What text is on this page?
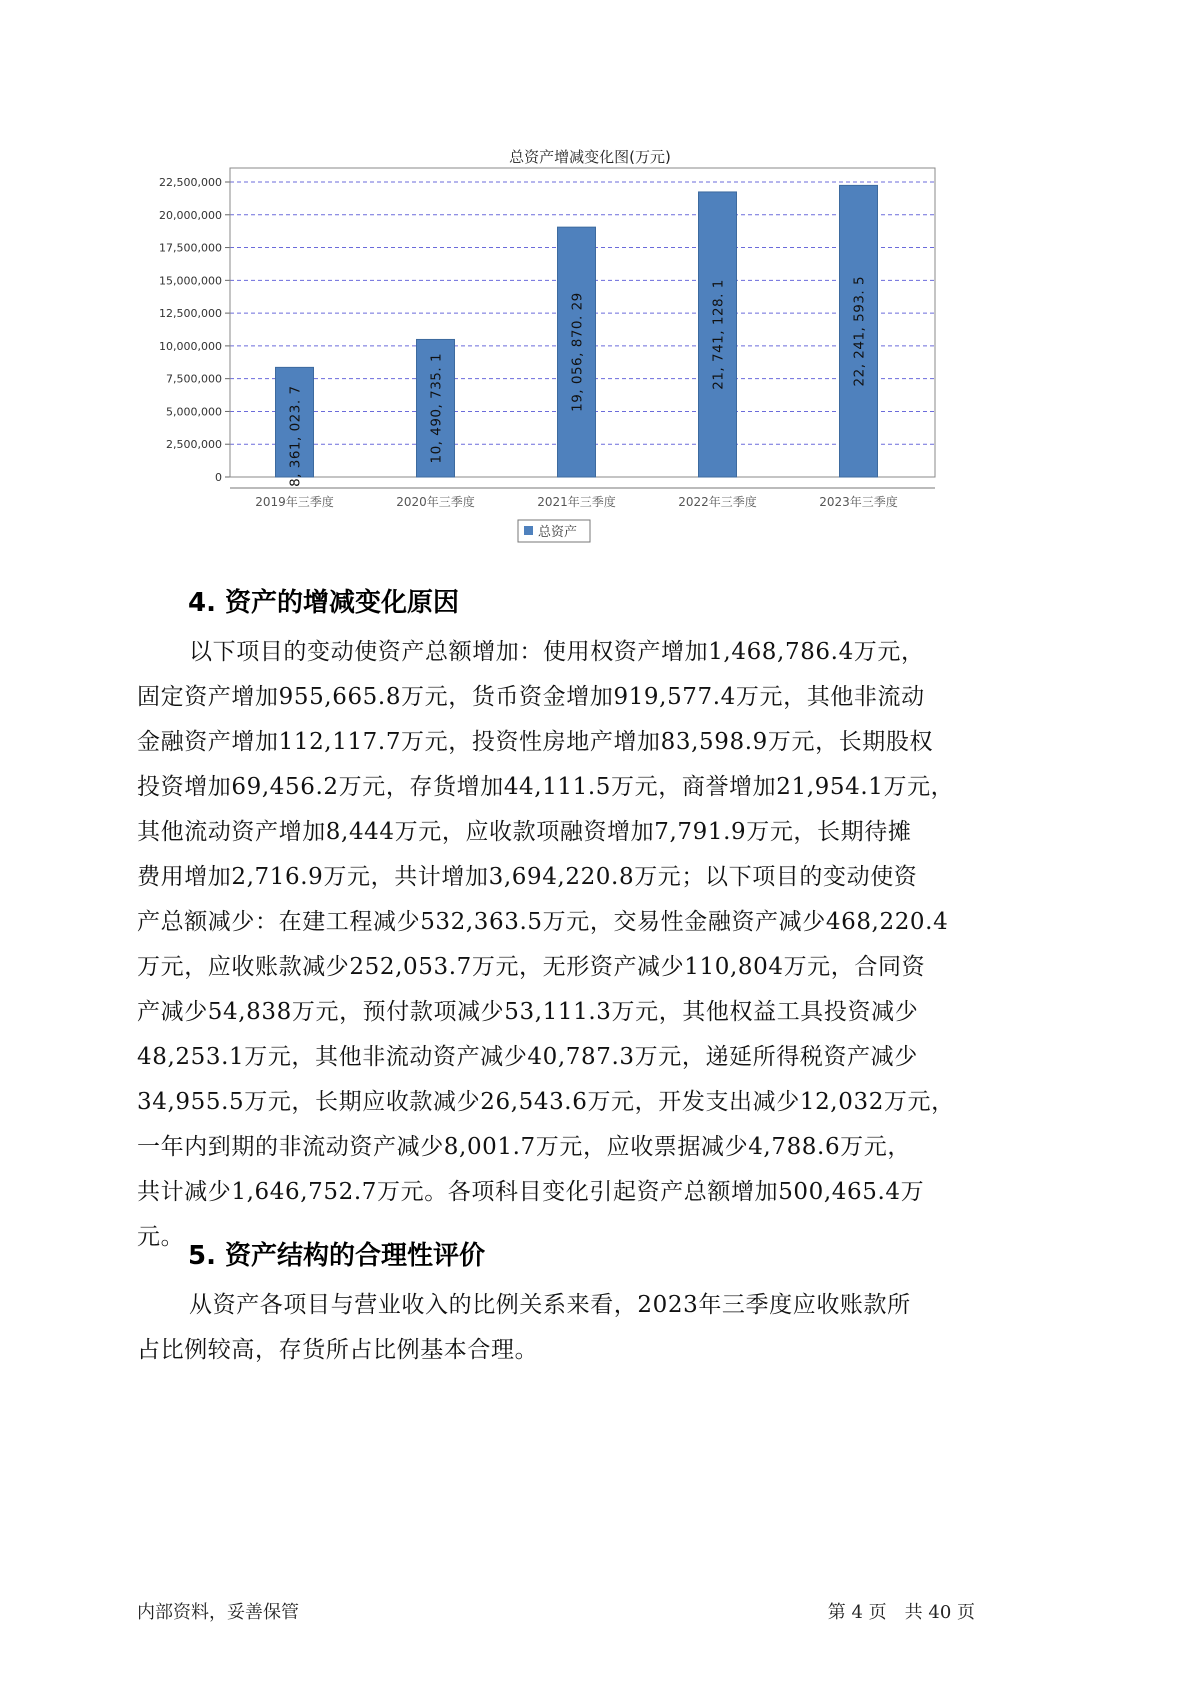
总资产增减变化图(万元)
0
2,500,000
5,000,000
7,500,000
10,000,000
12,500,000
15,000,000
17,500,000
20,000,000
22,500,000
8, 361, 023. 7
2019年三季度
10, 490, 735. 1
2020年三季度
19, 056, 870. 29
2021年三季度
21, 741, 128. 1
2022年三季度
22, 241, 593. 5
2023年三季度
总资产
4. 资产的增减变化原因
以下项目的变动使资产总额增加：使用权资产增加1,468,786.4万元，
固定资产增加955,665.8万元，货币资金增加919,577.4万元，其他非流动
金融资产增加112,117.7万元，投资性房地产增加83,598.9万元，长期股权
投资增加69,456.2万元，存货增加44,111.5万元，商誉增加21,954.1万元，
其他流动资产增加8,444万元，应收款项融资增加7,791.9万元，长期待摊
费用增加2,716.9万元，共计增加3,694,220.8万元；以下项目的变动使资
产总额减少：在建工程减少532,363.5万元，交易性金融资产减少468,220.4
万元，应收账款减少252,053.7万元，无形资产减少110,804万元，合同资
产减少54,838万元，预付款项减少53,111.3万元，其他权益工具投资减少
48,253.1万元，其他非流动资产减少40,787.3万元，递延所得税资产减少
34,955.5万元，长期应收款减少26,543.6万元，开发支出减少12,032万元，
一年内到期的非流动资产减少8,001.7万元，应收票据减少4,788.6万元，
共计减少1,646,752.7万元。各项科目变化引起资产总额增加500,465.4万
元。
5. 资产结构的合理性评价
从资产各项目与营业收入的比例关系来看，2023年三季度应收账款所
占比例较高，存货所占比例基本合理。
内部资料，妥善保管	第 4 页　共 40 页
